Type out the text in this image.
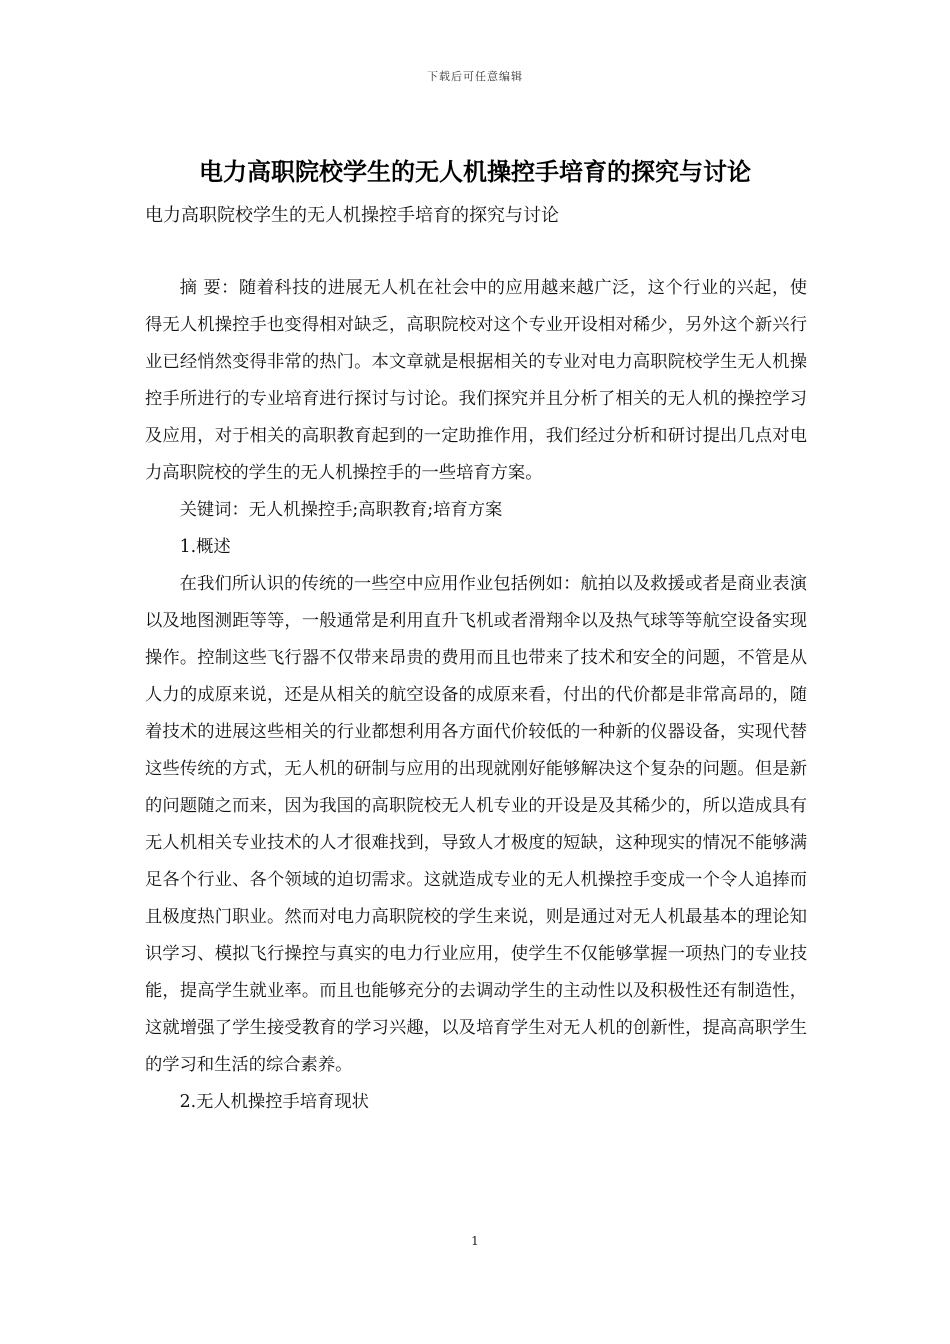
下载后可任意编辑
电力高职院校学生的无人机操控手培育的探究与讨论
电力高职院校学生的无人机操控手培育的探究与讨论

摘 要：随着科技的进展无人机在社会中的应用越来越广泛，这个行业的兴起，使得无人机操控手也变得相对缺乏，高职院校对这个专业开设相对稀少，另外这个新兴行业已经悄然变得非常的热门。本文章就是根据相关的专业对电力高职院校学生无人机操控手所进行的专业培育进行探讨与讨论。我们探究并且分析了相关的无人机的操控学习及应用，对于相关的高职教育起到的一定助推作用，我们经过分析和研讨提出几点对电力高职院校的学生的无人机操控手的一些培育方案。

关键词：无人机操控手;高职教育;培育方案

1.概述

在我们所认识的传统的一些空中应用作业包括例如：航拍以及救援或者是商业表演以及地图测距等等，一般通常是利用直升飞机或者滑翔伞以及热气球等等航空设备实现操作。控制这些飞行器不仅带来昂贵的费用而且也带来了技术和安全的问题，不管是从人力的成原来说，还是从相关的航空设备的成原来看，付出的代价都是非常高昂的，随着技术的进展这些相关的行业都想利用各方面代价较低的一种新的仪器设备，实现代替这些传统的方式，无人机的研制与应用的出现就刚好能够解决这个复杂的问题。但是新的问题随之而来，因为我国的高职院校无人机专业的开设是及其稀少的，所以造成具有无人机相关专业技术的人才很难找到，导致人才极度的短缺，这种现实的情况不能够满足各个行业、各个领域的迫切需求。这就造成专业的无人机操控手变成一个令人追捧而且极度热门职业。然而对电力高职院校的学生来说，则是通过对无人机最基本的理论知识学习、模拟飞行操控与真实的电力行业应用，使学生不仅能够掌握一项热门的专业技能，提高学生就业率。而且也能够充分的去调动学生的主动性以及积极性还有制造性，这就增强了学生接受教育的学习兴趣，以及培育学生对无人机的创新性，提高高职学生的学习和生活的综合素养。

2.无人机操控手培育现状

1
